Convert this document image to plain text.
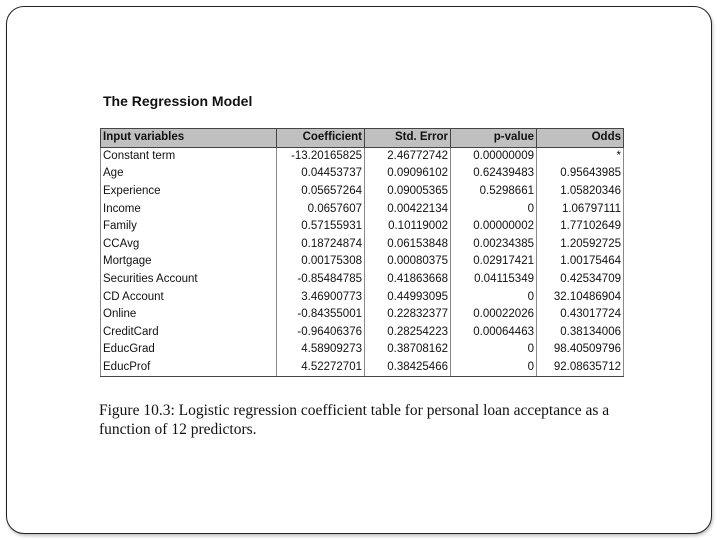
The Regression Model
Input variables	Coefficient	Std. Error	p-value	Odds
Constant term	-13.20165825	2.46772742	0.00000009	*
Age	0.04453737	0.09096102	0.62439483	0.95643985
Experience	0.05657264	0.09005365	0.5298661	1.05820346
Income	0.0657607	0.00422134	0	1.06797111
Family	0.57155931	0.10119002	0.00000002	1.77102649
CCAvg	0.18724874	0.06153848	0.00234385	1.20592725
Mortgage	0.00175308	0.00080375	0.02917421	1.00175464
Securities Account	-0.85484785	0.41863668	0.04115349	0.42534709
CD Account	3.46900773	0.44993095	0	32.10486904
Online	-0.84355001	0.22832377	0.00022026	0.43017724
CreditCard	-0.96406376	0.28254223	0.00064463	0.38134006
EducGrad	4.58909273	0.38708162	0	98.40509796
EducProf	4.52272701	0.38425466	0	92.08635712
Figure 10.3: Logistic regression coefficient table for personal loan acceptance as a function of 12 predictors.
